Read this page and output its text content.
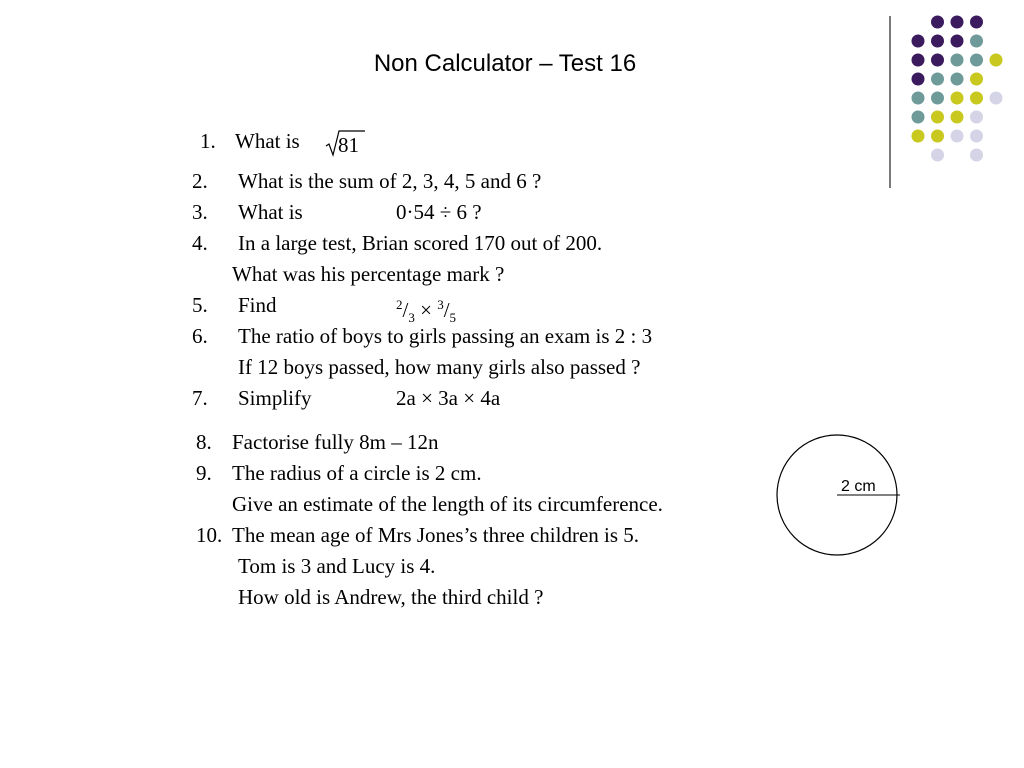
Non Calculator – Test 16
1. What is 81
2. What is the sum of 2, 3, 4, 5 and 6 ?
3. What is	0·54 ÷ 6 ?
4. In a large test, Brian scored 170 out of 200.
What was his percentage mark ?
5. Find	$^2/_3 \times ^3/_5$
6. The ratio of boys to girls passing an exam is 2 : 3
If 12 boys passed, how many girls also passed ?
7. Simplify	2a × 3a × 4a
8. Factorise fully 8m – 12n
9. The radius of a circle is 2 cm.
Give an estimate of the length of its circumference.
10. The mean age of Mrs Jones’s three children is 5.
Tom is 3 and Lucy is 4.
How old is Andrew, the third child ?
2 cm
